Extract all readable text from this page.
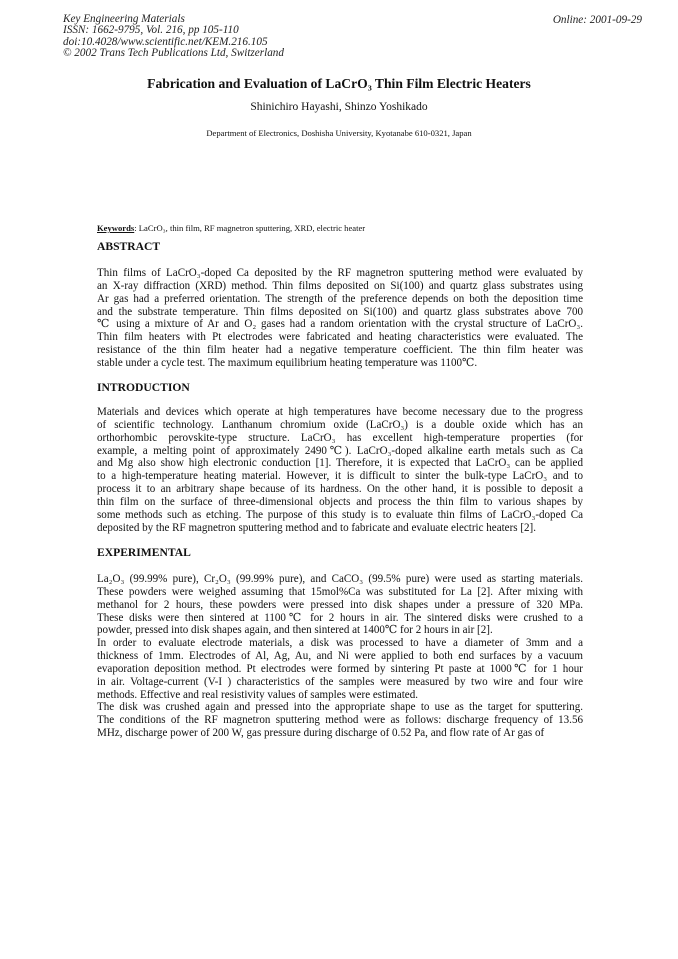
Key Engineering Materials
ISSN: 1662-9795, Vol. 216, pp 105-110
doi:10.4028/www.scientific.net/KEM.216.105
© 2002 Trans Tech Publications Ltd, Switzerland
Online: 2001-09-29
Fabrication and Evaluation of LaCrO₃ Thin Film Electric Heaters
Shinichiro Hayashi, Shinzo Yoshikado
Department of Electronics, Doshisha University, Kyotanabe 610-0321, Japan
Keywords: LaCrO₃, thin film, RF magnetron sputtering, XRD, electric heater
ABSTRACT
Thin films of LaCrO₃-doped Ca deposited by the RF magnetron sputtering method were evaluated by
an X-ray diffraction (XRD) method. Thin films deposited on Si(100) and quartz glass substrates using
Ar gas had a preferred orientation. The strength of the preference depends on both the deposition time
and the substrate temperature. Thin films deposited on Si(100) and quartz glass substrates above 700
℃ using a mixture of Ar and O₂ gases had a random orientation with the crystal structure of LaCrO₃.
Thin film heaters with Pt electrodes were fabricated and heating characteristics were evaluated. The
resistance of the thin film heater had a negative temperature coefficient. The thin film heater was
stable under a cycle test. The maximum equilibrium heating temperature was 1100℃.
INTRODUCTION
Materials and devices which operate at high temperatures have become necessary due to the progress
of scientific technology. Lanthanum chromium oxide (LaCrO₃) is a double oxide which has an
orthorhombic perovskite-type structure. LaCrO₃ has excellent high-temperature properties (for
example, a melting point of approximately 2490℃). LaCrO₃-doped alkaline earth metals such as Ca
and Mg also show high electronic conduction [1]. Therefore, it is expected that LaCrO₃ can be applied
to a high-temperature heating material. However, it is difficult to sinter the bulk-type LaCrO₃ and to
process it to an arbitrary shape because of its hardness. On the other hand, it is possible to deposit a
thin film on the surface of three-dimensional objects and process the thin film to various shapes by
some methods such as etching. The purpose of this study is to evaluate thin films of LaCrO₃-doped Ca
deposited by the RF magnetron sputtering method and to fabricate and evaluate electric heaters [2].
EXPERIMENTAL
La₂O₃ (99.99% pure), Cr₂O₃ (99.99% pure), and CaCO₃ (99.5% pure) were used as starting materials.
These powders were weighed assuming that 15mol%Ca was substituted for La [2]. After mixing with
methanol for 2 hours, these powders were pressed into disk shapes under a pressure of 320 MPa.
These disks were then sintered at 1100℃ for 2 hours in air. The sintered disks were crushed to a
powder, pressed into disk shapes again, and then sintered at 1400℃ for 2 hours in air [2].
In order to evaluate electrode materials, a disk was processed to have a diameter of 3mm and a
thickness of 1mm. Electrodes of Al, Ag, Au, and Ni were applied to both end surfaces by a vacuum
evaporation deposition method. Pt electrodes were formed by sintering Pt paste at 1000℃ for 1 hour
in air. Voltage-current (V-I ) characteristics of the samples were measured by two wire and four wire
methods. Effective and real resistivity values of samples were estimated.
The disk was crushed again and pressed into the appropriate shape to use as the target for sputtering.
The conditions of the RF magnetron sputtering method were as follows: discharge frequency of 13.56
MHz, discharge power of 200 W, gas pressure during discharge of 0.52 Pa, and flow rate of Ar gas of
